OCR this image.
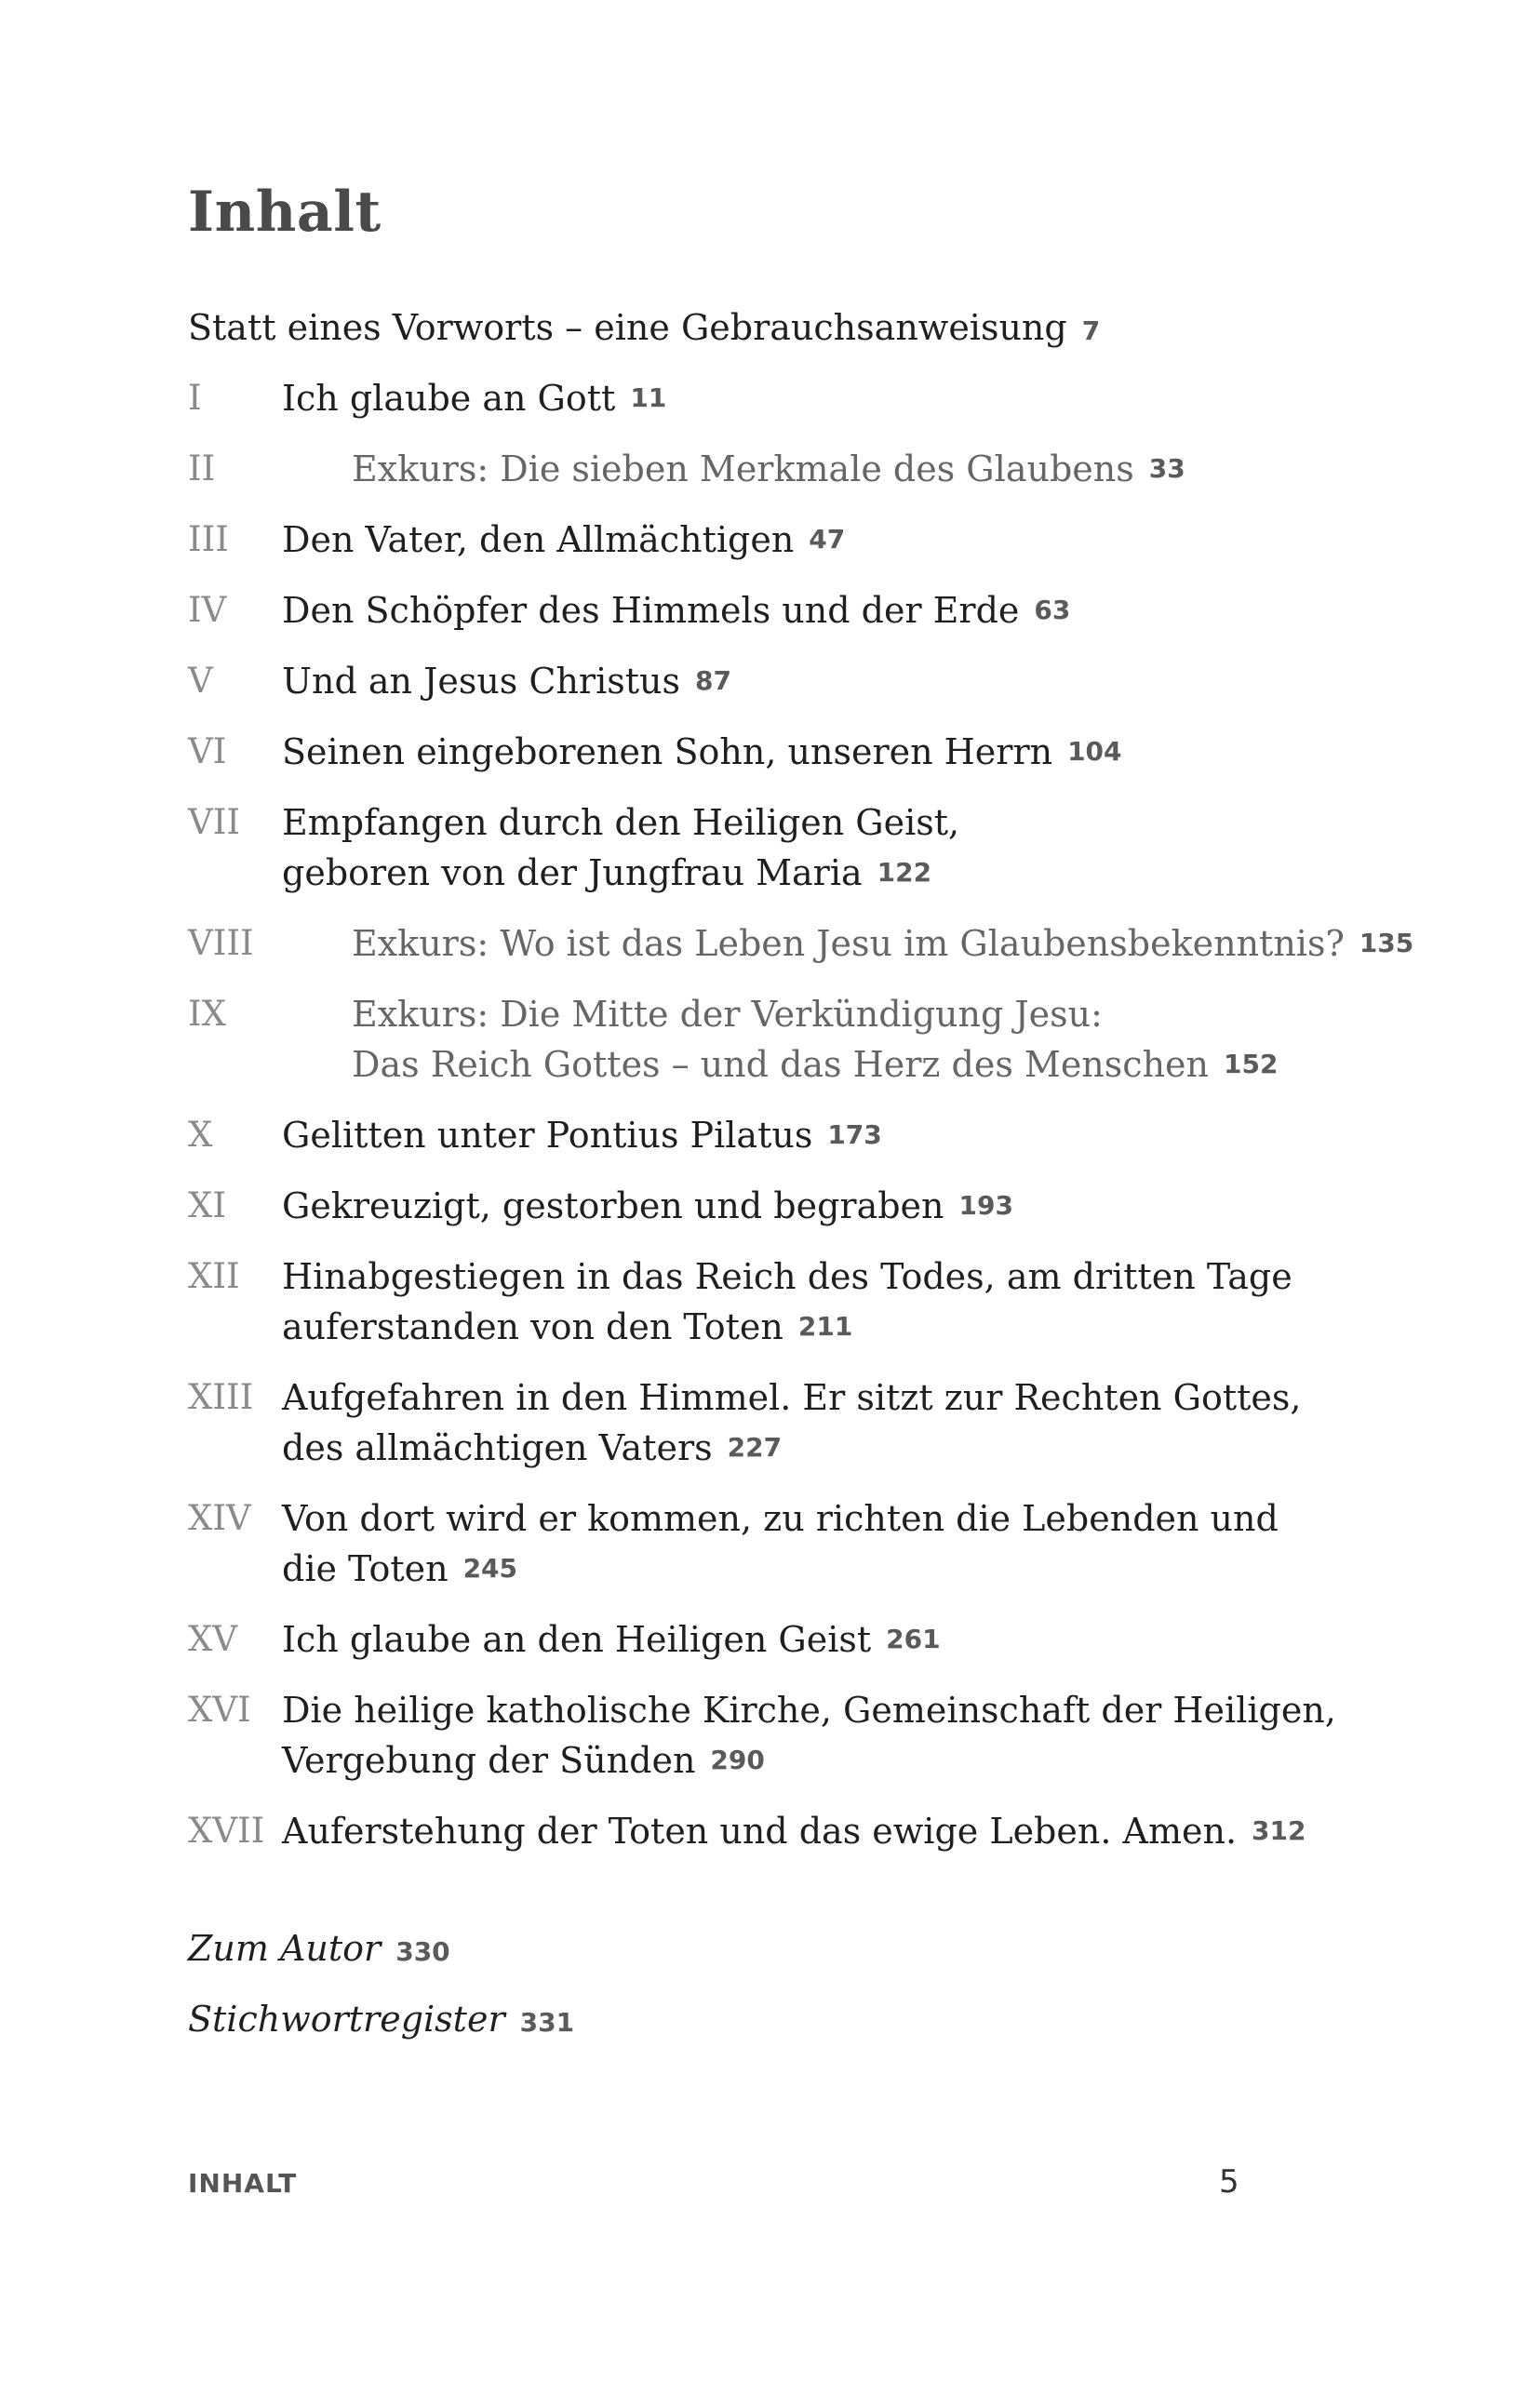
Inhalt
Statt eines Vorworts – eine Gebrauchsanweisung 7
I Ich glaube an Gott 11
II	Exkurs: Die sieben Merkmale des Glaubens 33
III Den Vater, den Allmächtigen 47
IV Den Schöpfer des Himmels und der Erde 63
V Und an Jesus Christus 87
VI Seinen eingeborenen Sohn, unseren Herrn 104
VII Empfangen durch den Heiligen Geist,
geboren von der Jungfrau Maria 122
VIII	Exkurs: Wo ist das Leben Jesu im Glaubensbekenntnis? 135
IX	Exkurs: Die Mitte der Verkündigung Jesu:
Das Reich Gottes – und das Herz des Menschen 152
X Gelitten unter Pontius Pilatus 173
XI Gekreuzigt, gestorben und begraben 193
XII Hinabgestiegen in das Reich des Todes, am dritten Tage
auferstanden von den Toten 211
XIII Aufgefahren in den Himmel. Er sitzt zur Rechten Gottes,
des allmächtigen Vaters 227
XIV Von dort wird er kommen, zu richten die Lebenden und
die Toten 245
XV Ich glaube an den Heiligen Geist 261
XVI Die heilige katholische Kirche, Gemeinschaft der Heiligen,
Vergebung der Sünden 290
XVII Auferstehung der Toten und das ewige Leben. Amen. 312
Zum Autor 330
Stichwortregister 331
INHALT	5
